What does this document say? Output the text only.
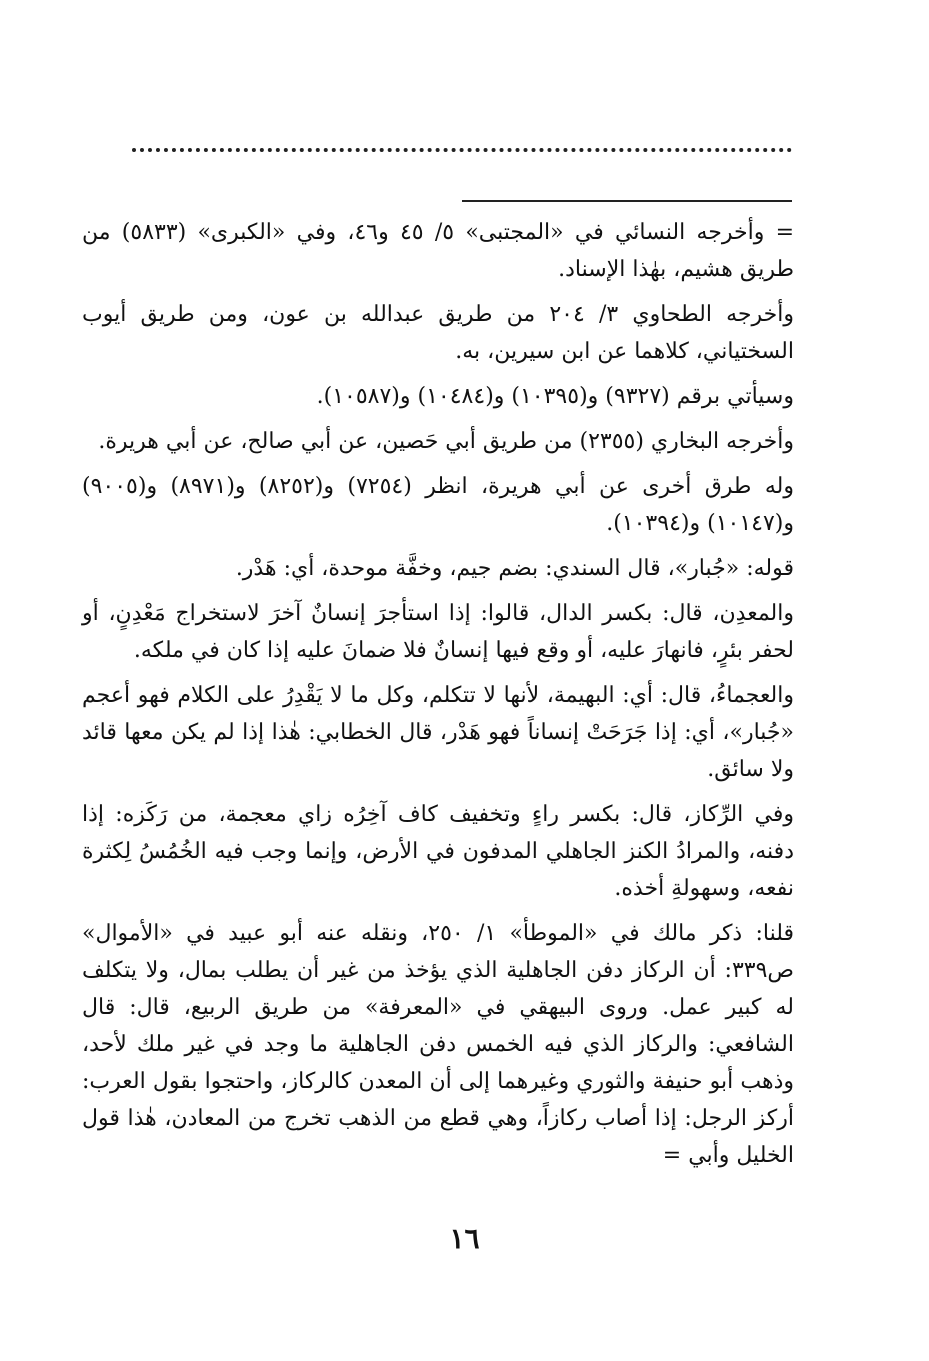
= وأخرجه النسائي في «المجتبى» ٥/ ٤٥ و٤٦، وفي «الكبرى» (٥٨٣٣) من طريق هشيم، بهٰذا الإسناد.

وأخرجه الطحاوي ٣/ ٢٠٤ من طريق عبدالله بن عون، ومن طريق أيوب السختياني، كلاهما عن ابن سيرين، به.

وسيأتي برقم (٩٣٢٧) و(١٠٣٩٥) و(١٠٤٨٤) و(١٠٥٨٧).

وأخرجه البخاري (٢٣٥٥) من طريق أبي حَصين، عن أبي صالح، عن أبي هريرة.

وله طرق أخرى عن أبي هريرة، انظر (٧٢٥٤) و(٨٢٥٢) و(٨٩٧١) و(٩٠٠٥) و(١٠١٤٧) و(١٠٣٩٤).

قوله: «جُبار»، قال السندي: بضم جيم، وخفَّة موحدة، أي: هَدْر.

والمعدِن، قال: بكسر الدال، قالوا: إذا استأجرَ إنسانٌ آخرَ لاستخراج مَعْدِنٍ، أو لحفر بئرٍ، فانهارَ عليه، أو وقع فيها إنسانٌ فلا ضمانَ عليه إذا كان في ملكه.

والعجماءُ، قال: أي: البهيمة، لأنها لا تتكلم، وكل ما لا يَقْدِرُ على الكلام فهو أعجم «جُبار»، أي: إذا جَرَحَتْ إنساناً فهو هَدْر، قال الخطابي: هٰذا إذا لم يكن معها قائد ولا سائق.

وفي الرِّكاز، قال: بكسر راءٍ وتخفيف كاف آخِرُه زاي معجمة، من رَكَزه: إذا دفنه، والمرادُ الكنز الجاهلي المدفون في الأرض، وإنما وجب فيه الخُمُسُ لِكثرة نفعه، وسهولةِ أخذه.

قلنا: ذكر مالك في «الموطأ» ١/ ٢٥٠، ونقله عنه أبو عبيد في «الأموال» ص٣٣٩: أن الركاز دفن الجاهلية الذي يؤخذ من غير أن يطلب بمال، ولا يتكلف له كبير عمل. وروى البيهقي في «المعرفة» من طريق الربيع، قال: قال الشافعي: والركاز الذي فيه الخمس دفن الجاهلية ما وجد في غير ملك لأحد، وذهب أبو حنيفة والثوري وغيرهما إلى أن المعدن كالركاز، واحتجوا بقول العرب: أركز الرجل: إذا أصاب ركازاً، وهي قطع من الذهب تخرج من المعادن، هٰذا قول الخليل وأبي =

١٦
